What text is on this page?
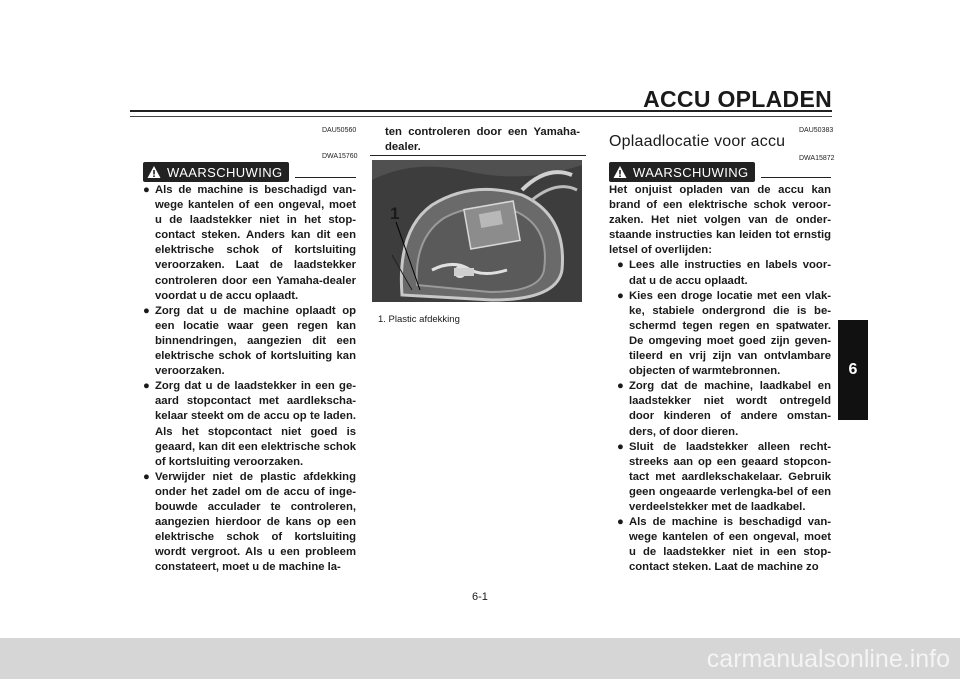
ACCU OPLADEN
6
DAU50560
DWA15760
WAARSCHUWING

● Als de machine is beschadigd van-wege kantelen of een ongeval, moet u de laadstekker niet in het stop-contact steken. Anders kan dit een elektrische schok of kortsluiting veroorzaken. Laat de laadstekker controleren door een Yamaha-dealer voordat u de accu oplaadt.

● Zorg dat u de machine oplaadt op een locatie waar geen regen kan binnendringen, aangezien dit een elektrische schok of kortsluiting kan veroorzaken.

● Zorg dat u de laadstekker in een ge-aard stopcontact met aardlekscha-kelaar steekt om de accu op te laden. Als het stopcontact niet goed is geaard, kan dit een elektrische schok of kortsluiting veroorzaken.

● Verwijder niet de plastic afdekking onder het zadel om de accu of inge-bouwde acculader te controleren, aangezien hierdoor de kans op een elektrische schok of kortsluiting wordt vergroot. Als u een probleem constateert, moet u de machine la-

ten controleren door een Yamaha-dealer.

1
1. Plastic afdekking
DAU50383
Oplaadlocatie voor accu
DWA15872
WAARSCHUWING

Het onjuist opladen van de accu kan brand of een elektrische schok veroor-zaken. Het niet volgen van de onder-staande instructies kan leiden tot ernstig letsel of overlijden:

● Lees alle instructies en labels voor-dat u de accu oplaadt.

● Kies een droge locatie met een vlak-ke, stabiele ondergrond die is be-schermd tegen regen en spatwater. De omgeving moet goed zijn geven-tileerd en vrij zijn van ontvlambare objecten of warmtebronnen.

● Zorg dat de machine, laadkabel en laadstekker niet wordt ontregeld door kinderen of andere omstan-ders, of door dieren.

● Sluit de laadstekker alleen recht-streeks aan op een geaard stopcon-tact met aardlekschakelaar. Gebruik geen ongeaarde verlengka-bel of een verdeelstekker met de laadkabel.

● Als de machine is beschadigd van-wege kantelen of een ongeval, moet u de laadstekker niet in een stop-contact steken. Laat de machine zo

6-1
carmanualsonline.info
